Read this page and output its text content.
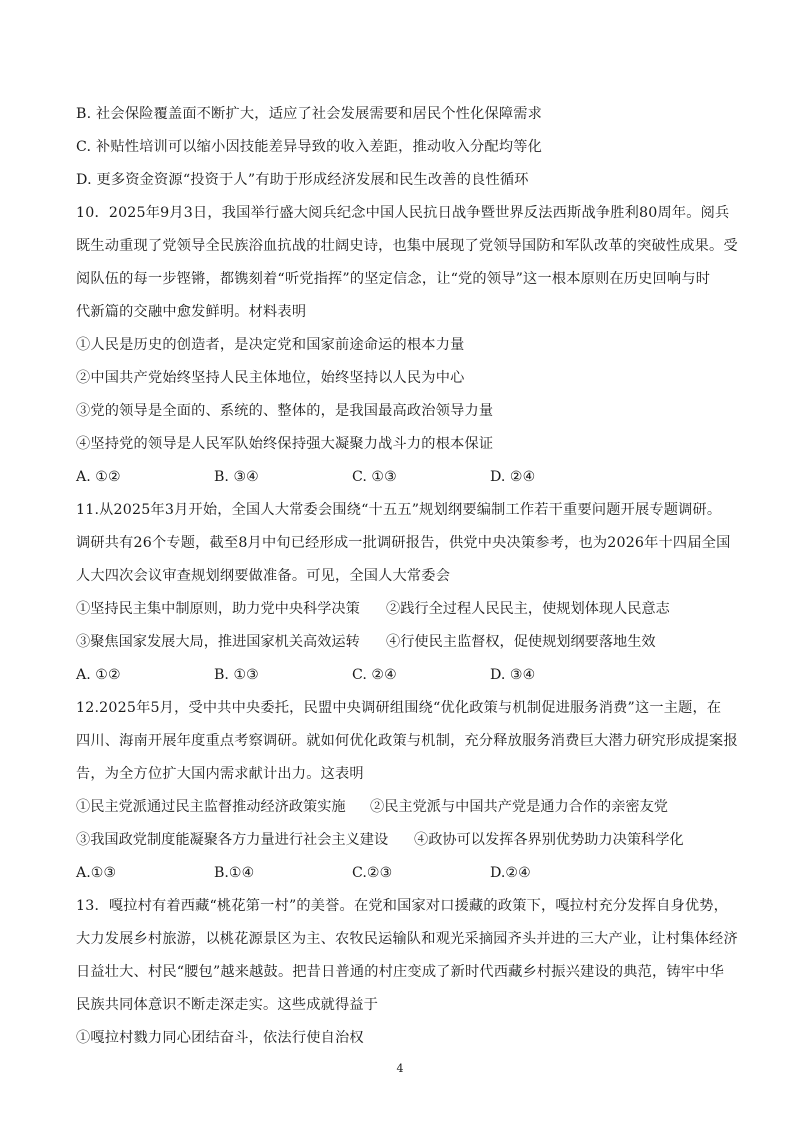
B. 社会保险覆盖面不断扩大，适应了社会发展需要和居民个性化保障需求
C. 补贴性培训可以缩小因技能差异导致的收入差距，推动收入分配均等化
D. 更多资金资源“投资于人”有助于形成经济发展和民生改善的良性循环
10．2025年9月3日，我国举行盛大阅兵纪念中国人民抗日战争暨世界反法西斯战争胜利80周年。阅兵
既生动重现了党领导全民族浴血抗战的壮阔史诗，也集中展现了党领导国防和军队改革的突破性成果。受
阅队伍的每一步铿锵，都镌刻着“听党指挥”的坚定信念，让“党的领导”这一根本原则在历史回响与时
代新篇的交融中愈发鲜明。材料表明
①人民是历史的创造者，是决定党和国家前途命运的根本力量
②中国共产党始终坚持人民主体地位，始终坚持以人民为中心
③党的领导是全面的、系统的、整体的，是我国最高政治领导力量
④坚持党的领导是人民军队始终保持强大凝聚力战斗力的根本保证
A. ①②	B. ③④	C. ①③	D. ②④
11.从2025年3月开始，全国人大常委会围绕“十五五”规划纲要编制工作若干重要问题开展专题调研。
调研共有26个专题，截至8月中旬已经形成一批调研报告，供党中央决策参考，也为2026年十四届全国
人大四次会议审查规划纲要做准备。可见，全国人大常委会
①坚持民主集中制原则，助力党中央科学决策 ②践行全过程人民民主，使规划体现人民意志
③聚焦国家发展大局，推进国家机关高效运转 ④行使民主监督权，促使规划纲要落地生效
A. ①②	B. ①③	C. ②④	D. ③④
12.2025年5月，受中共中央委托，民盟中央调研组围绕“优化政策与机制促进服务消费”这一主题，在
四川、海南开展年度重点考察调研。就如何优化政策与机制，充分释放服务消费巨大潜力研究形成提案报
告，为全方位扩大国内需求献计出力。这表明
①民主党派通过民主监督推动经济政策实施 ②民主党派与中国共产党是通力合作的亲密友党
③我国政党制度能凝聚各方力量进行社会主义建设 ④政协可以发挥各界别优势助力决策科学化
A.①③	B.①④	C.②③	D.②④
13．嘎拉村有着西藏“桃花第一村”的美誉。在党和国家对口援藏的政策下，嘎拉村充分发挥自身优势，
大力发展乡村旅游，以桃花源景区为主、农牧民运输队和观光采摘园齐头并进的三大产业，让村集体经济
日益壮大、村民“腰包”越来越鼓。把昔日普通的村庄变成了新时代西藏乡村振兴建设的典范，铸牢中华
民族共同体意识不断走深走实。这些成就得益于
①嘎拉村戮力同心团结奋斗，依法行使自治权
4
